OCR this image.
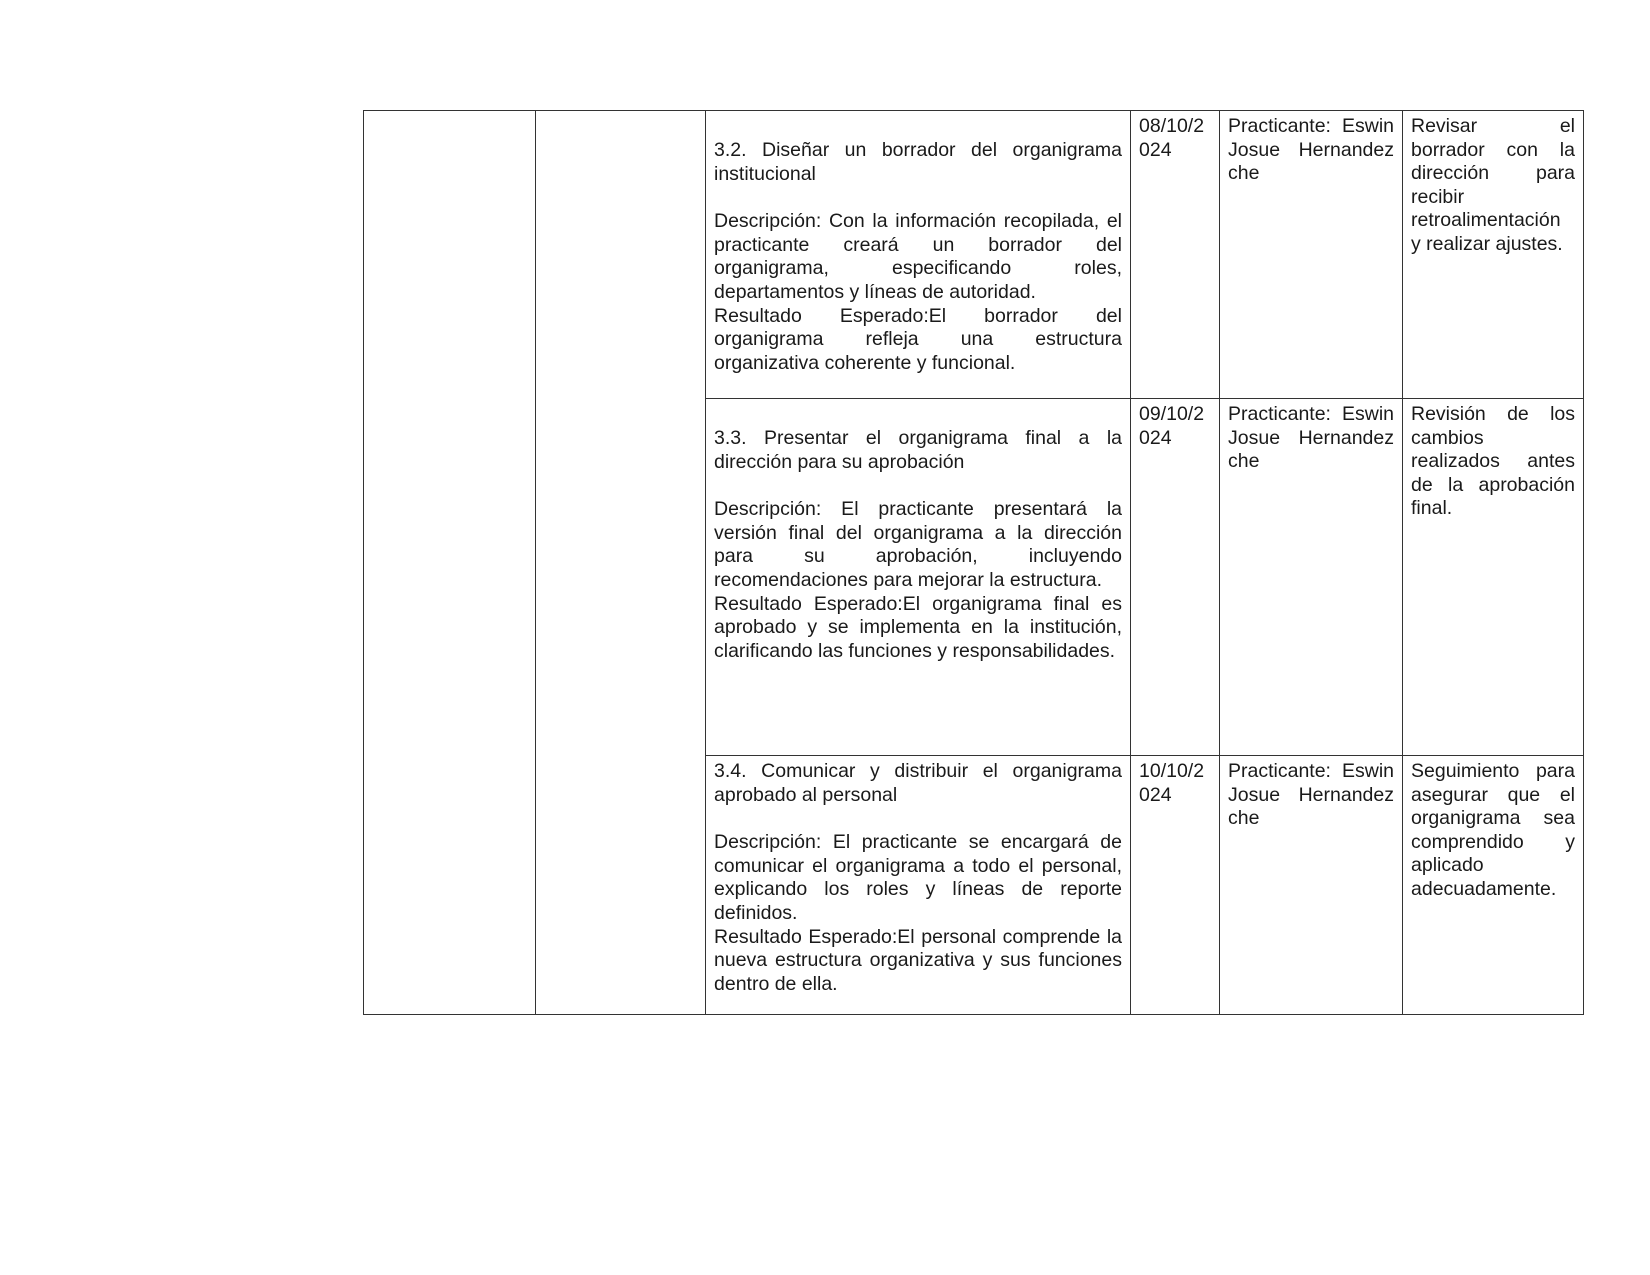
		3.2. Diseñar un borrador del organigrama institucional
Descripción: Con la información recopilada, el practicante creará un borrador del organigrama, especificando roles, departamentos y líneas de autoridad.
Resultado Esperado:El borrador del organigrama refleja una estructura organizativa coherente y funcional.	08/10/2024	Practicante: Eswin Josue Hernandez che	Revisar el borrador con la dirección para recibir retroalimentación y realizar ajustes.

		3.3. Presentar el organigrama final a la dirección para su aprobación
Descripción: El practicante presentará la versión final del organigrama a la dirección para su aprobación, incluyendo recomendaciones para mejorar la estructura.
Resultado Esperado:El organigrama final es aprobado y se implementa en la institución, clarificando las funciones y responsabilidades.	09/10/2024	Practicante: Eswin Josue Hernandez che	Revisión de los cambios realizados antes de la aprobación final.

		3.4. Comunicar y distribuir el organigrama aprobado al personal
Descripción: El practicante se encargará de comunicar el organigrama a todo el personal, explicando los roles y líneas de reporte definidos.
Resultado Esperado:El personal comprende la nueva estructura organizativa y sus funciones dentro de ella.	10/10/2024	Practicante: Eswin Josue Hernandez che	Seguimiento para asegurar que el organigrama sea comprendido y aplicado adecuadamente.
